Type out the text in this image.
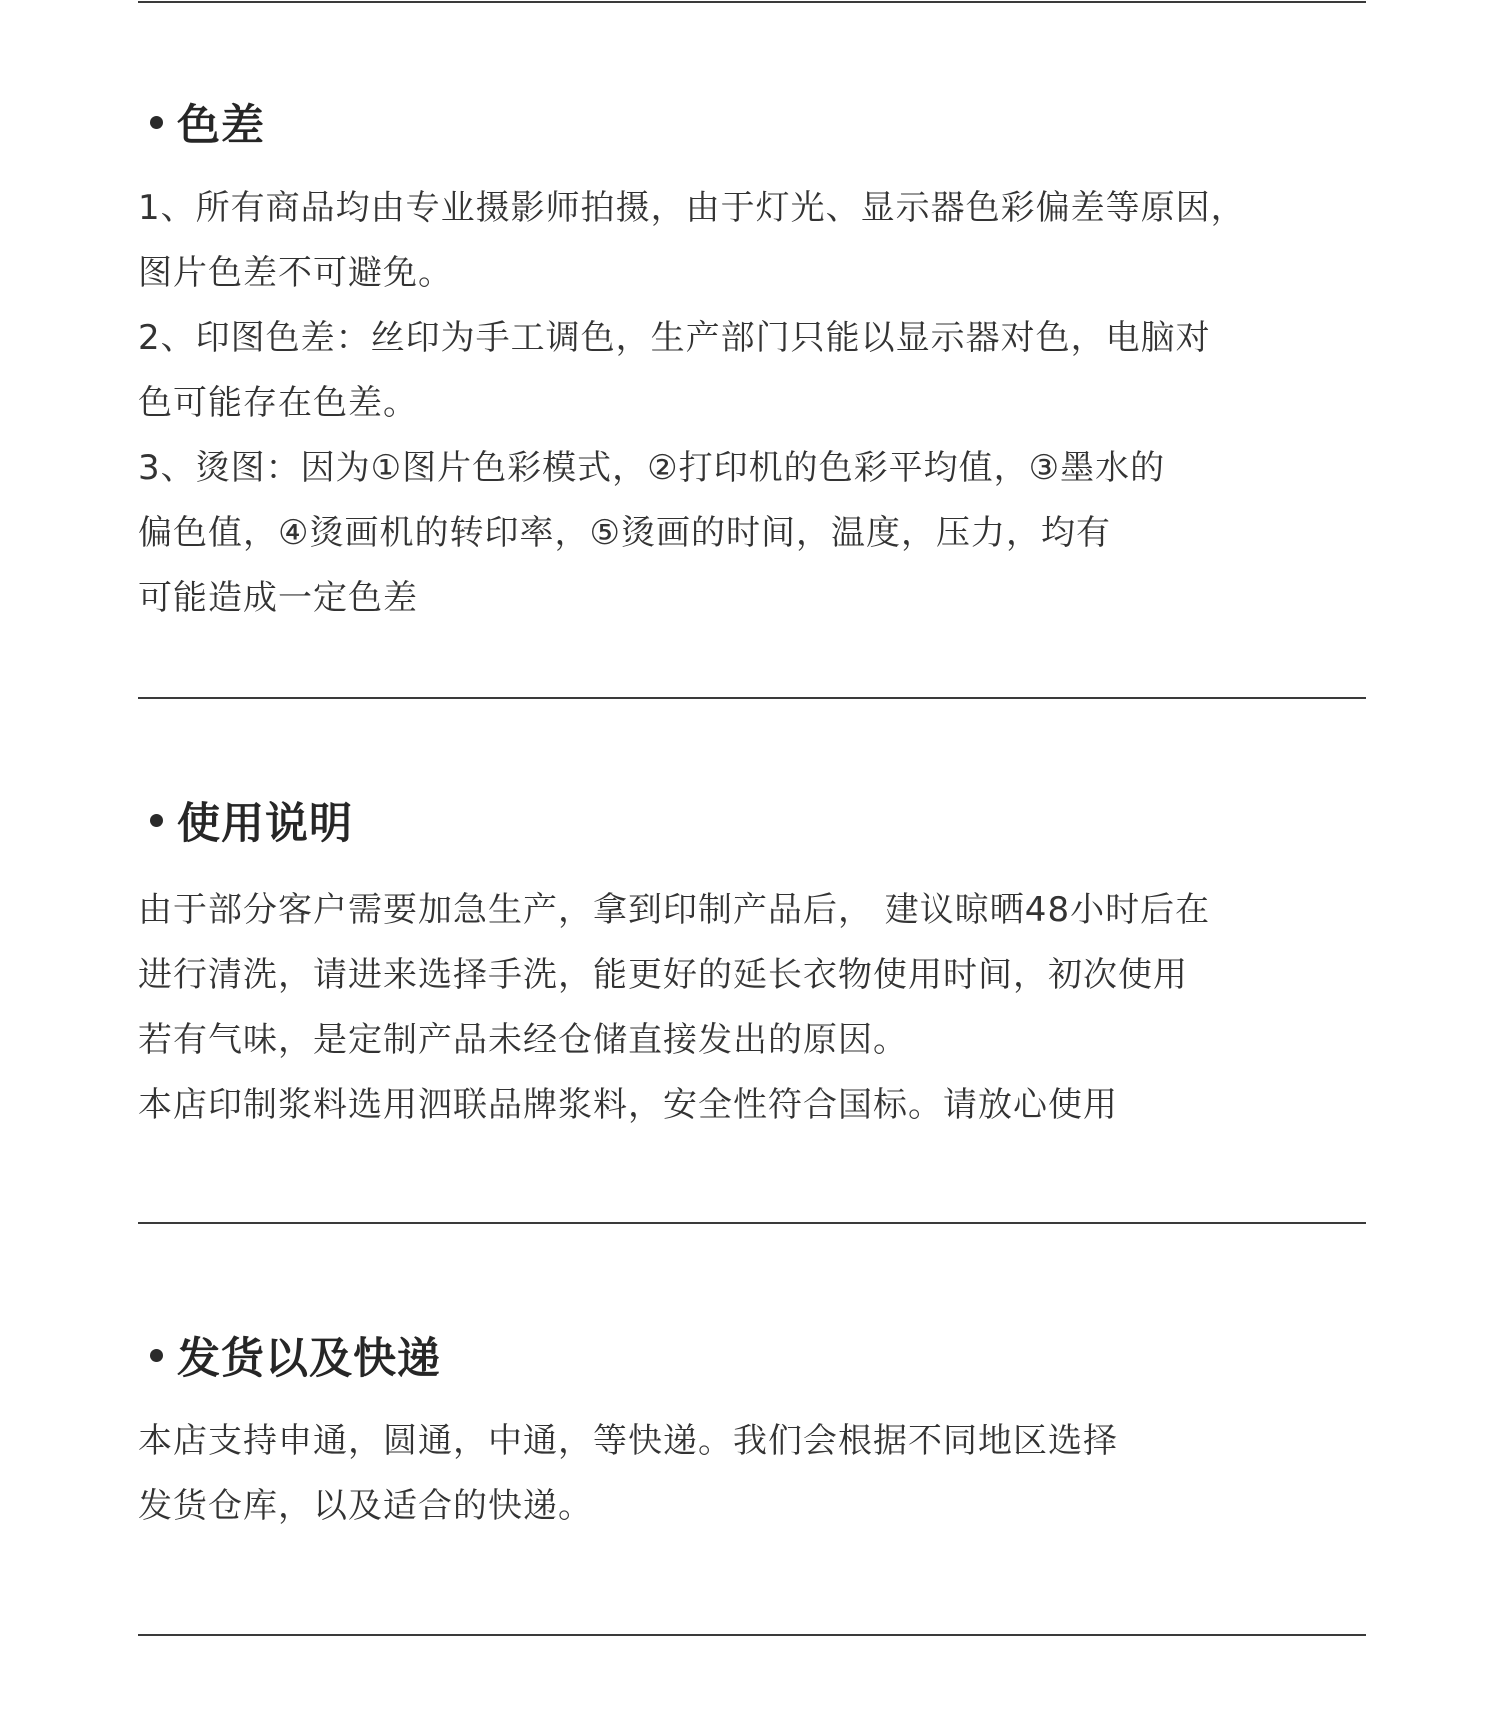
色差
1、所有商品均由专业摄影师拍摄，由于灯光、显示器色彩偏差等原因，
图片色差不可避免。
2、印图色差：丝印为手工调色，生产部门只能以显示器对色，电脑对
色可能存在色差。
3、烫图：因为①图片色彩模式，②打印机的色彩平均值，③墨水的
偏色值，④烫画机的转印率，⑤烫画的时间，温度，压力，均有
可能造成一定色差
使用说明
由于部分客户需要加急生产，拿到印制产品后， 建议晾晒48小时后在
进行清洗，请进来选择手洗，能更好的延长衣物使用时间，初次使用
若有气味，是定制产品未经仓储直接发出的原因。
本店印制浆料选用泗联品牌浆料，安全性符合国标。请放心使用
发货以及快递
本店支持申通，圆通，中通，等快递。我们会根据不同地区选择
发货仓库，以及适合的快递。
